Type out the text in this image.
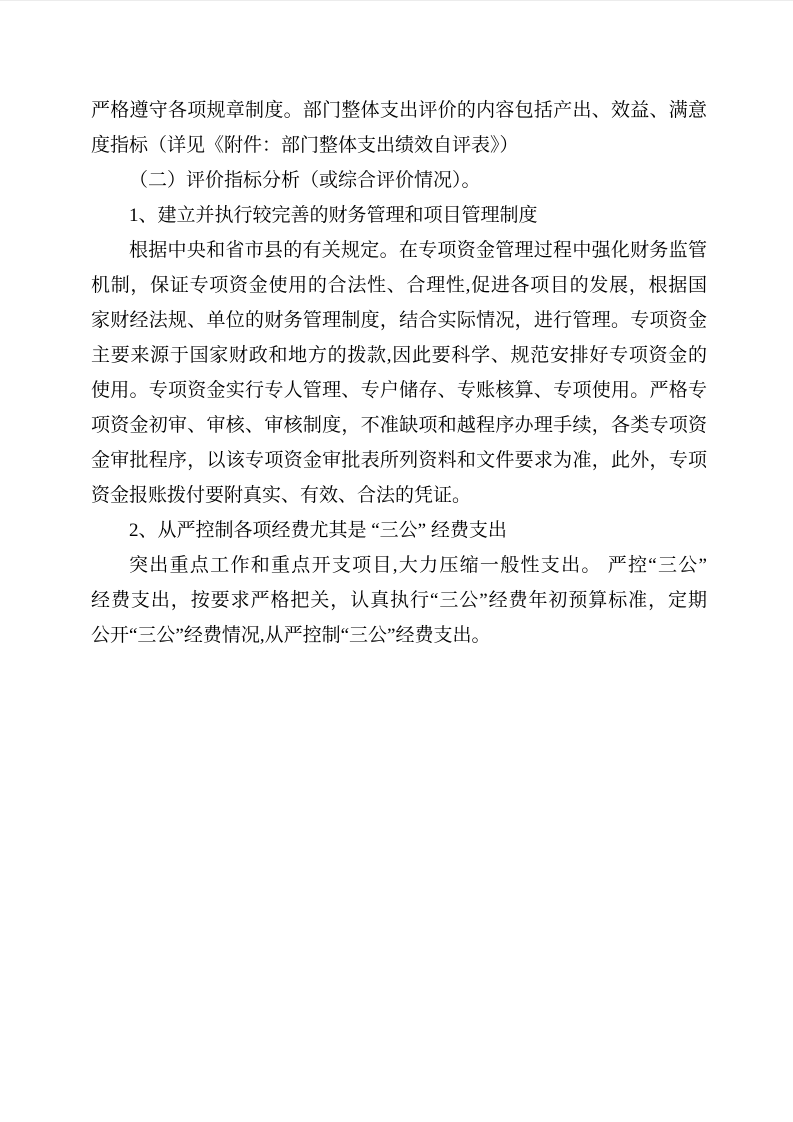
严格遵守各项规章制度。部门整体支出评价的内容包括产出、效益、满意
度指标（详见《附件：部门整体支出绩效自评表》）
（二）评价指标分析（或综合评价情况）。
1、建立并执行较完善的财务管理和项目管理制度
根据中央和省市县的有关规定。在专项资金管理过程中强化财务监管
机制，保证专项资金使用的合法性、合理性,促进各项目的发展，根据国
家财经法规、单位的财务管理制度，结合实际情况，进行管理。专项资金
主要来源于国家财政和地方的拨款,因此要科学、规范安排好专项资金的
使用。专项资金实行专人管理、专户储存、专账核算、专项使用。严格专
项资金初审、审核、审核制度，不准缺项和越程序办理手续，各类专项资
金审批程序，以该专项资金审批表所列资料和文件要求为准，此外，专项
资金报账拨付要附真实、有效、合法的凭证。
2、从严控制各项经费尤其是 “三公” 经费支出
突出重点工作和重点开支项目,大力压缩一般性支出。 严控“三公”
经费支出，按要求严格把关，认真执行“三公”经费年初预算标准，定期
公开“三公”经费情况,从严控制“三公”经费支出。
